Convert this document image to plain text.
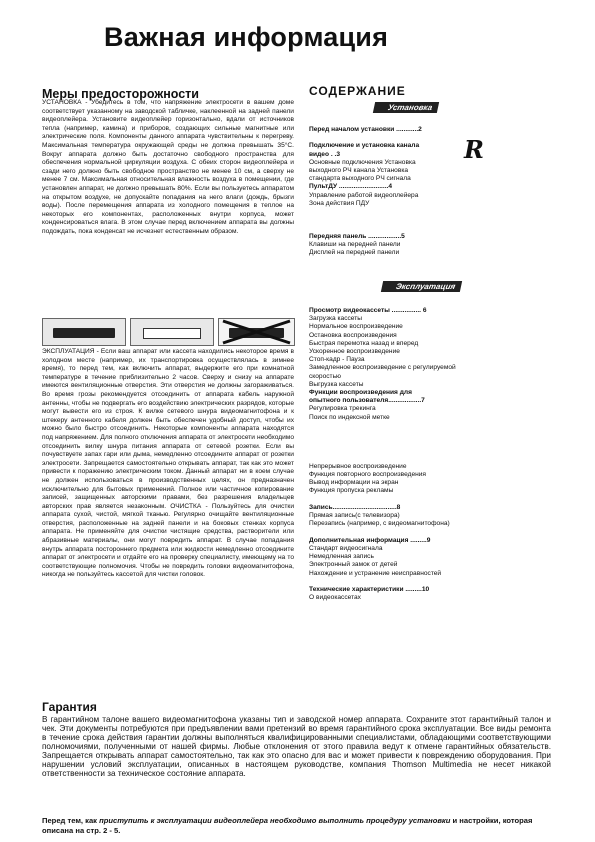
Важная информация
Меры предосторожности
УСТАНОВКА - Убедитесь в том, что напряжение электросети в вашем доме соответствует указанному на заводской табличке, наклеенной на задней панели видеоплейера. Установите видеоплейер горизонтально, вдали от источников тепла (например, камина) и приборов, создающих сильные магнитные или электрические поля. Компоненты данного аппарата чувствительны к перегреву. Максимальная температура окружающей среды не должна превышать 35°С. Вокруг аппарата должно быть достаточно свободного пространства для обеспечения нормальной циркуляции воздуха. С обеих сторон видеоплейера и сзади него должно быть свободное пространство не менее 10 см, а сверху не менее 7 см. Максимальная относительная влажность воздуха в помещении, где установлен аппарат, не должно превышать 80%. Если вы пользуетесь аппаратом на открытом воздухе, не допускайте попадания на него влаги (дождь, брызги воды). После перемещения аппарата из холодного помещения в теплое на некоторых его компонентах, расположенных внутри корпуса, может конденсироваться влага. В этом случае перед включением аппарата вы должны подождать, пока конденсат не исчезнет естественным образом.
ЭКСПЛУАТАЦИЯ - Если ваш аппарат или кассета находились некоторое время в холодном месте (например, их транспортировка осуществлялась в зимнее время), то перед тем, как включить аппарат, выдержите его при комнатной температуре в течение приблизительно 2 часов. Сверху и снизу на аппарате имеются вентиляционные отверстия. Эти отверстия не должны загораживаться. Во время грозы рекомендуется отсоединить от аппарата кабель наружной антенны, чтобы не подвергать его воздействию электрических разрядов, которые могут вывести его из строя. К вилке сетевого шнура видеомагнитофона и к штекеру антенного кабеля должен быть обеспечен удобный доступ, чтобы их можно было быстро отсоединить. Некоторые компоненты аппарата находятся под напряжением. Для полного отключения аппарата от электросети необходимо отсоединить вилку шнура питания аппарата от сетевой розетки. Если вы почувствуете запах гари или дыма, немедленно отсоедините аппарат от розетки электросети. Запрещается самостоятельно открывать аппарат, так как это может привести к поражению электрическим током. Данный аппарат ни в коем случае не должен использоваться в производственных целях, он предназначен исключительно для бытовых применений. Полное или частичное копирование записей, защищенных авторскими правами, без разрешения владельцев авторских прав является незаконным. ОЧИСТКА - Пользуйтесь для очистки аппарата сухой, чистой, мягкой тканью. Регулярно очищайте вентиляционные отверстия, расположенные на задней панели и на боковых стенках корпуса аппарата. Не применяйте для очистки чистящие средства, растворители или абразивные материалы, они могут повредить аппарат. В случае попадания внутрь аппарата постороннего предмета или жидкости немедленно отсоедините аппарат от электросети и отдайте его на проверку специалисту, имеющему на то соответствующие полномочия. Чтобы не повредить головки видеомагнитофона, никогда не пользуйтесь кассетой для чистки головок.
СОДЕРЖАНИЕ
Установка
R
Перед началом установки ............2

Подключение и установка канала
видео . .3
Основные подключения Установка
выходного РЧ канала Установка
стандарта выходного РЧ сигнала
ПультДУ ...........................4
Управление работой видеоплейера
Зона действия ПДУ

Передняя панель ..................5
Клавиши на передней панели
Дисплей на передней панели
Эксплуатация
Просмотр видеокассеты ................ 6
Загрузка кассеты
Нормальное воспроизведение
Остановка воспроизведения
Быстрая перемотка назад и вперед
Ускоренное воспроизведение
Стоп-кадр - Пауза
Замедленное воспроизведение с регулируемой
скоростью
Выгрузка кассеты
Функции воспроизведения для
опытного пользователя..................7
Регулировка трекинга
Поиск по индексной метке

Непрерывное воспроизведение
Функция повторного воспроизведения
Вывод информации на экран
Функция пропуска рекламы

Запись...................................8
Прямая запись(с телевизора)
Перезапись (например, с видеомагнитофона)

Дополнительная информация .........9
Стандарт видеосигнала
Немедленная запись
Электронный замок от детей
Нахождение и устранение неисправностей

Технические характеристики .........10
О видеокассетах
Гарантия
В гарантийном талоне вашего видеомагнитофона указаны тип и заводской номер аппарата. Сохраните этот гарантийный талон и чек. Эти документы потребуются при предъявлении вами претензий во время гарантийного срока эксплуатации. Все виды ремонта в течение срока действия гарантии должны выполняться квалифицированными специалистами, обладающими соответствующими полномочиями, полученными от нашей фирмы. Любые отклонения от этого правила ведут к отмене гарантийных обязательств. Запрещается открывать аппарат самостоятельно, так как это опасно для вас и может привести к повреждению оборудования. При нарушении условий эксплуатации, описанных в настоящем руководстве, компания Thomson Multimedia не несет никакой ответственности за техническое состояние аппарата.
Перед тем, как приступить к эксплуатации видеоплейера необходимо выполнить процедуру установки и настройки, которая описана на стр. 2 - 5.
